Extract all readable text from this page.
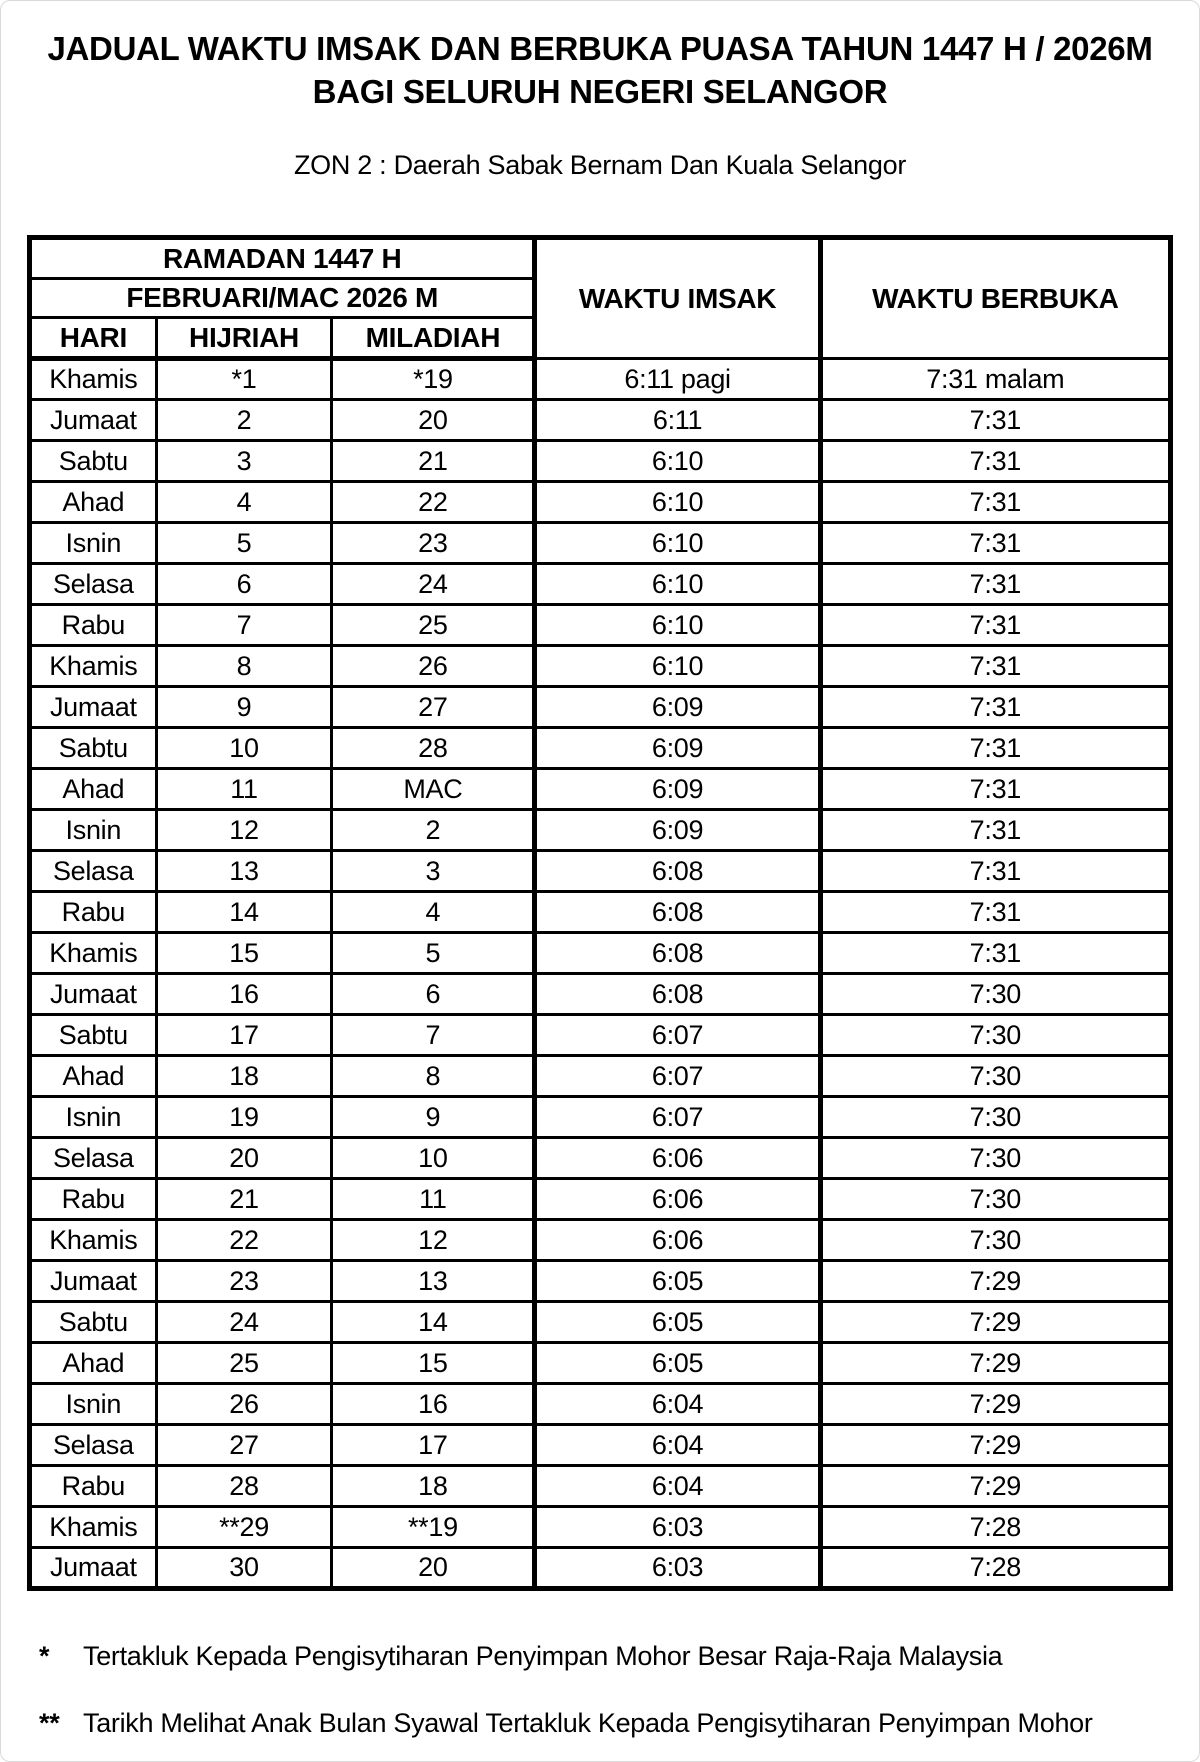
JADUAL WAKTU IMSAK DAN BERBUKA PUASA TAHUN 1447 H / 2026M
BAGI SELURUH NEGERI SELANGOR
ZON 2 : Daerah Sabak Bernam Dan Kuala Selangor
RAMADAN 1447 H			WAKTU IMSAK	WAKTU BERBUKA
FEBRUARI/MAC 2026 M				
HARI	HIJRIAH	MILADIAH		
Khamis	*1	*19	6:11 pagi	7:31 malam
Jumaat	2	20	6:11	7:31
Sabtu	3	21	6:10	7:31
Ahad	4	22	6:10	7:31
Isnin	5	23	6:10	7:31
Selasa	6	24	6:10	7:31
Rabu	7	25	6:10	7:31
Khamis	8	26	6:10	7:31
Jumaat	9	27	6:09	7:31
Sabtu	10	28	6:09	7:31
Ahad	11	MAC	6:09	7:31
Isnin	12	2	6:09	7:31
Selasa	13	3	6:08	7:31
Rabu	14	4	6:08	7:31
Khamis	15	5	6:08	7:31
Jumaat	16	6	6:08	7:30
Sabtu	17	7	6:07	7:30
Ahad	18	8	6:07	7:30
Isnin	19	9	6:07	7:30
Selasa	20	10	6:06	7:30
Rabu	21	11	6:06	7:30
Khamis	22	12	6:06	7:30
Jumaat	23	13	6:05	7:29
Sabtu	24	14	6:05	7:29
Ahad	25	15	6:05	7:29
Isnin	26	16	6:04	7:29
Selasa	27	17	6:04	7:29
Rabu	28	18	6:04	7:29
Khamis	**29	**19	6:03	7:28
Jumaat	30	20	6:03	7:28
*	Tertakluk Kepada Pengisytiharan Penyimpan Mohor Besar Raja-Raja Malaysia
** Tarikh Melihat Anak Bulan Syawal Tertakluk Kepada Pengisytiharan Penyimpan Mohor
